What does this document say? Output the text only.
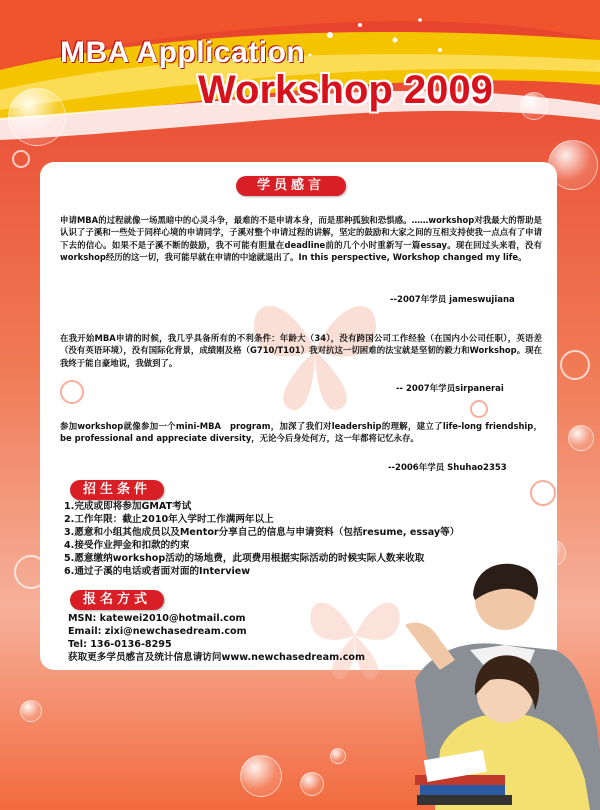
MBA Application
Workshop 2009
学员感言

申请MBA的过程就像一场黑暗中的心灵斗争，最难的不是申请本身，而是那种孤独和恐惧感。……workshop对我最大的帮助是认识了子溪和一些处于同样心境的申请同学，子溪对整个申请过程的讲解，坚定的鼓励和大家之间的互相支持使我一点点有了申请下去的信心。如果不是子溪不断的鼓励，我不可能有胆量在deadline前的几个小时重新写一篇essay。现在回过头来看，没有workshop经历的这一切，我可能早就在申请的中途就退出了。In this perspective, Workshop changed my life。

--2007年学员 jameswujiana

在我开始MBA申请的时候，我几乎具备所有的不利条件：年龄大（34），没有跨国公司工作经验（在国内小公司任职），英语差（没有英语环境），没有国际化背景，成绩刚及格（G710/T101）我对抗这一切困难的法宝就是坚韧的毅力和Workshop。现在我终于能自豪地说，我做到了。

-- 2007年学员sirpanerai

参加workshop就像参加一个mini-MBA　program，加深了我们对leadership的理解，建立了life-long friendship，be professional and appreciate diversity，无论今后身处何方，这一年都将记忆永存。

--2006年学员 Shuhao2353

招生条件
1.完成或即将参加GMAT考试
2.工作年限：截止2010年入学时工作满两年以上
3.愿意和小组其他成员以及Mentor分享自己的信息与申请资料（包括resume, essay等）
4.接受作业押金和扣款的约束
5.愿意缴纳workshop活动的场地费，此项费用根据实际活动的时候实际人数来收取
6.通过子溪的电话或者面对面的Interview
报名方式
MSN: katewei2010@hotmail.com
Email: zixi@newchasedream.com
Tel: 136-0136-8295
获取更多学员感言及统计信息请访问www.newchasedream.com
